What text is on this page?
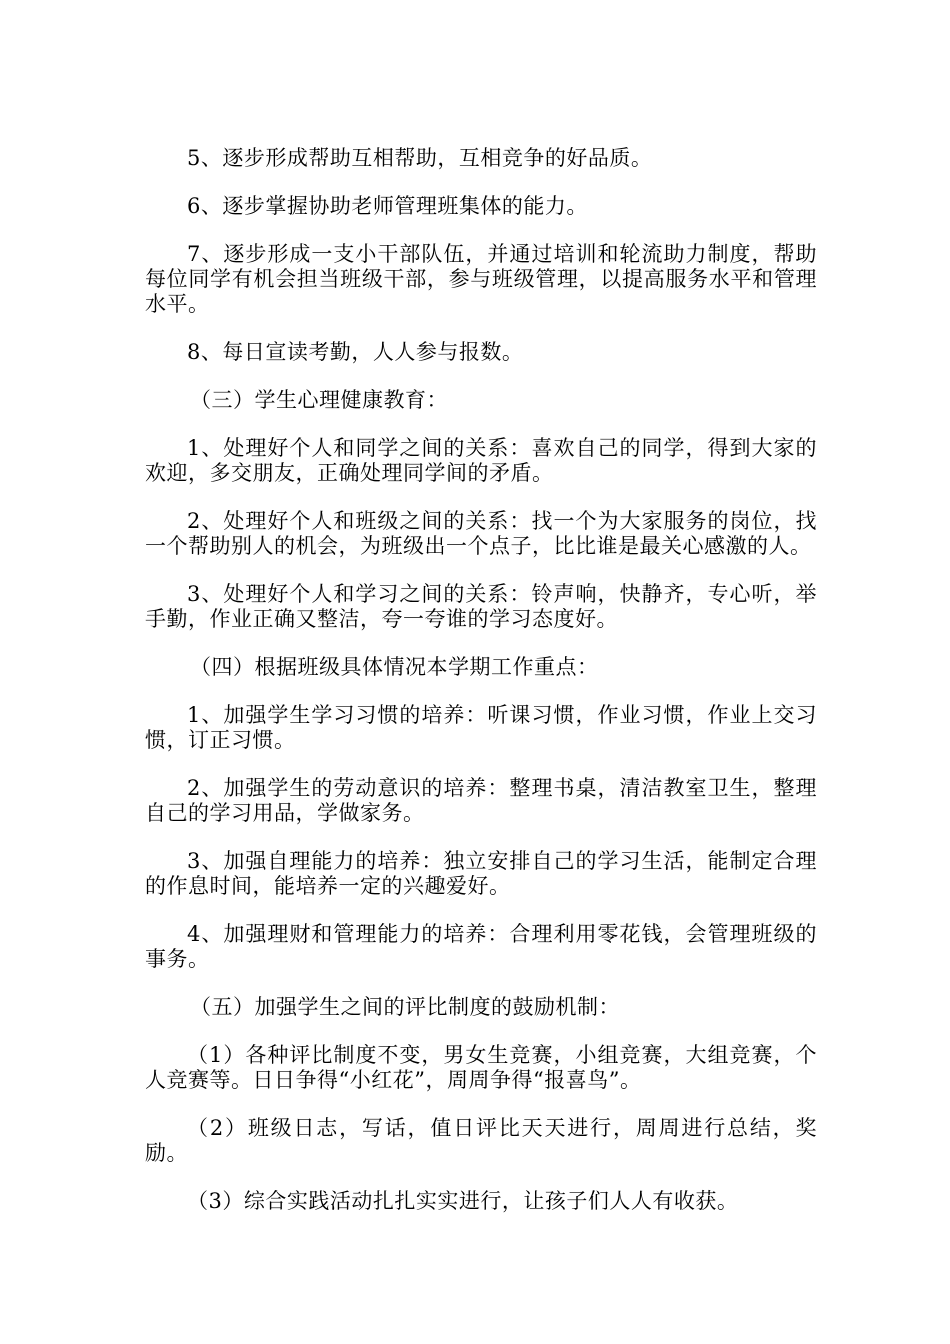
5、逐步形成帮助互相帮助，互相竞争的好品质。

6、逐步掌握协助老师管理班集体的能力。

7、逐步形成一支小干部队伍，并通过培训和轮流助力制度，帮助每位同学有机会担当班级干部，参与班级管理，以提高服务水平和管理水平。

8、每日宣读考勤，人人参与报数。

（三）学生心理健康教育：

1、处理好个人和同学之间的关系：喜欢自己的同学，得到大家的欢迎，多交朋友，正确处理同学间的矛盾。

2、处理好个人和班级之间的关系：找一个为大家服务的岗位，找一个帮助别人的机会，为班级出一个点子，比比谁是最关心感激的人。

3、处理好个人和学习之间的关系：铃声响，快静齐，专心听，举手勤，作业正确又整洁，夸一夸谁的学习态度好。

（四）根据班级具体情况本学期工作重点：

1、加强学生学习习惯的培养：听课习惯，作业习惯，作业上交习惯，订正习惯。

2、加强学生的劳动意识的培养：整理书桌，清洁教室卫生，整理自己的学习用品，学做家务。

3、加强自理能力的培养：独立安排自己的学习生活，能制定合理的作息时间，能培养一定的兴趣爱好。

4、加强理财和管理能力的培养：合理利用零花钱，会管理班级的事务。

（五）加强学生之间的评比制度的鼓励机制：

（1）各种评比制度不变，男女生竞赛，小组竞赛，大组竞赛，个人竞赛等。日日争得“小红花”，周周争得“报喜鸟”。

（2）班级日志，写话，值日评比天天进行，周周进行总结，奖励。

（3）综合实践活动扎扎实实进行，让孩子们人人有收获。
